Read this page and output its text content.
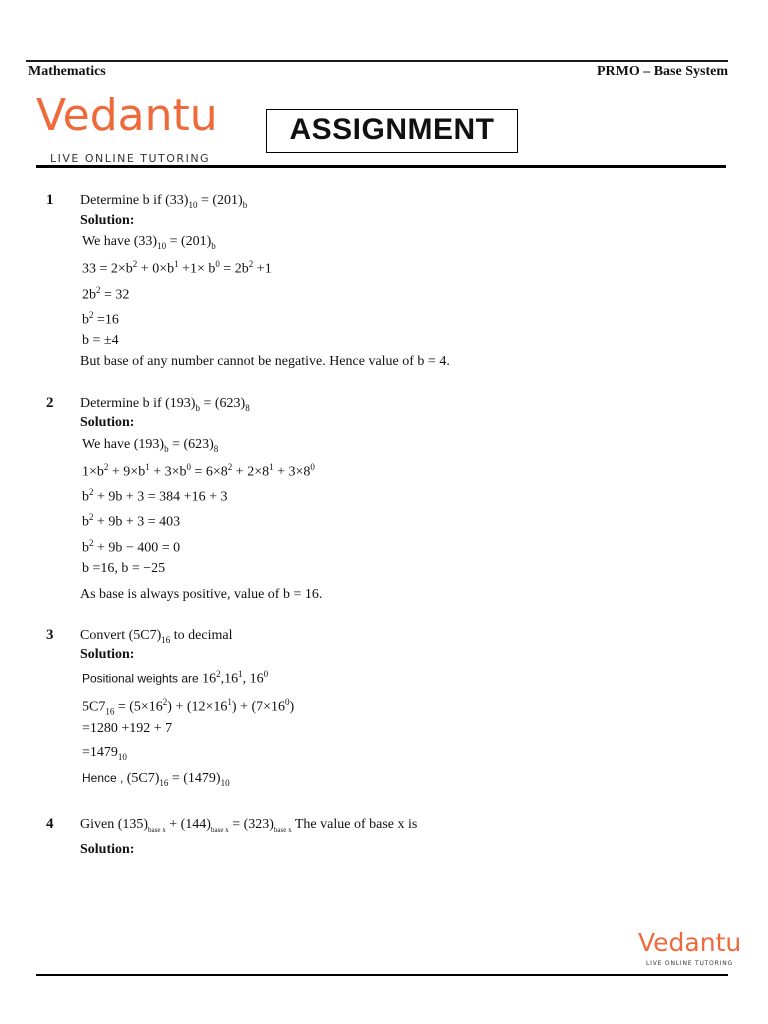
Mathematics	PRMO – Base System
Vedantu
LIVE ONLINE TUTORING
ASSIGNMENT
1 Determine b if $(33)_{10} = (201)_b$
Solution:
We have $(33)_{10} = (201)_b$
$33 = 2\times b^2 + 0\times b^1 +1\times b^0 = 2b^2 +1$
$2b^2 = 32$
$b^2 =16$
b = ±4
But base of any number cannot be negative. Hence value of b = 4.
2 Determine b if $(193)_b = (623)_8$
Solution:
We have $(193)_b = (623)_8$
$1\times b^2 + 9\times b^1 + 3\times b^0 = 6\times 8^2 + 2\times 8^1 + 3\times 8^0$
$b^2 + 9b + 3 = 384 +16 + 3$
$b^2 + 9b + 3 = 403$
$b^2 + 9b - 400 = 0$
b =16, b = −25
As base is always positive, value of b = 16.
3 Convert $(5C7)_{16}$ to decimal
Solution:
Positional weights are $16^2,16^1$, $16^0$
$5C7_{16} = (5\times 16^2) + (12\times 16^1) + (7\times 16^0)$
=1280 +192 + 7
$=1479_{10}$
Hence , $(5C7)_{16} = (1479)_{10}$
4 Given $(135)_{base x} + (144)_{base x} = (323)_{base x}$ The value of base x is
Solution:
Vedantu
LIVE ONLINE TUTORING
